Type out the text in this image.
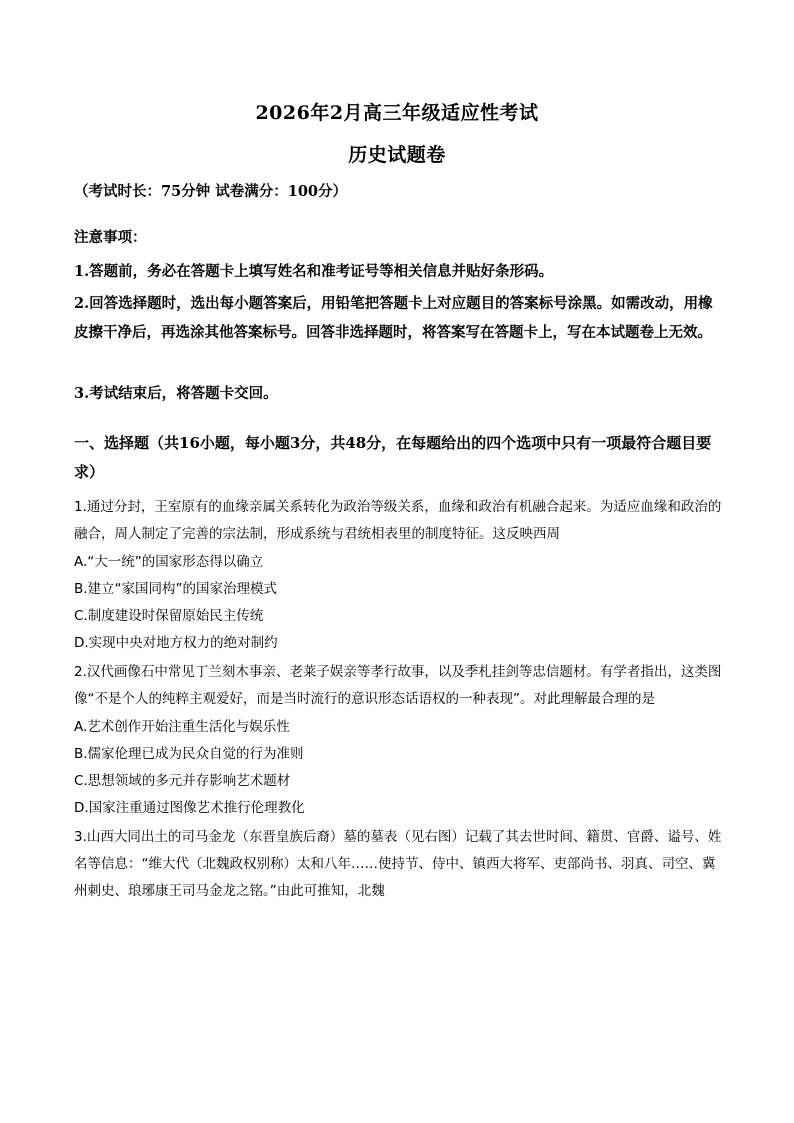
2026年2月高三年级适应性考试
历史试题卷
（考试时长：75分钟 试卷满分：100分）
注意事项：
1.答题前，务必在答题卡上填写姓名和准考证号等相关信息并贴好条形码。
2.回答选择题时，选出每小题答案后，用铅笔把答题卡上对应题目的答案标号涂黑。如需改动，用橡皮擦干净后，再选涂其他答案标号。回答非选择题时，将答案写在答题卡上，写在本试题卷上无效。
3.考试结束后，将答题卡交回。
一、选择题（共16小题，每小题3分，共48分，在每题给出的四个选项中只有一项最符合题目要求）
1.通过分封，王室原有的血缘亲属关系转化为政治等级关系，血缘和政治有机融合起来。为适应血缘和政治的融合，周人制定了完善的宗法制，形成系统与君统相表里的制度特征。这反映西周
A.“大一统”的国家形态得以确立
B.建立“家国同构”的国家治理模式
C.制度建设时保留原始民主传统
D.实现中央对地方权力的绝对制约
2.汉代画像石中常见丁兰刻木事亲、老莱子娱亲等孝行故事，以及季札挂剑等忠信题材。有学者指出，这类图像“不是个人的纯粹主观爱好，而是当时流行的意识形态话语权的一种表现”。对此理解最合理的是
A.艺术创作开始注重生活化与娱乐性
B.儒家伦理已成为民众自觉的行为准则
C.思想领域的多元并存影响艺术题材
D.国家注重通过图像艺术推行伦理教化
3.山西大同出土的司马金龙（东晋皇族后裔）墓的墓表（见右图）记载了其去世时间、籍贯、官爵、谥号、姓名等信息：“维大代（北魏政权别称）太和八年……使持节、侍中、镇西大将军、吏部尚书、羽真、司空、冀州刺史、琅琊康王司马金龙之铭。”由此可推知，北魏
